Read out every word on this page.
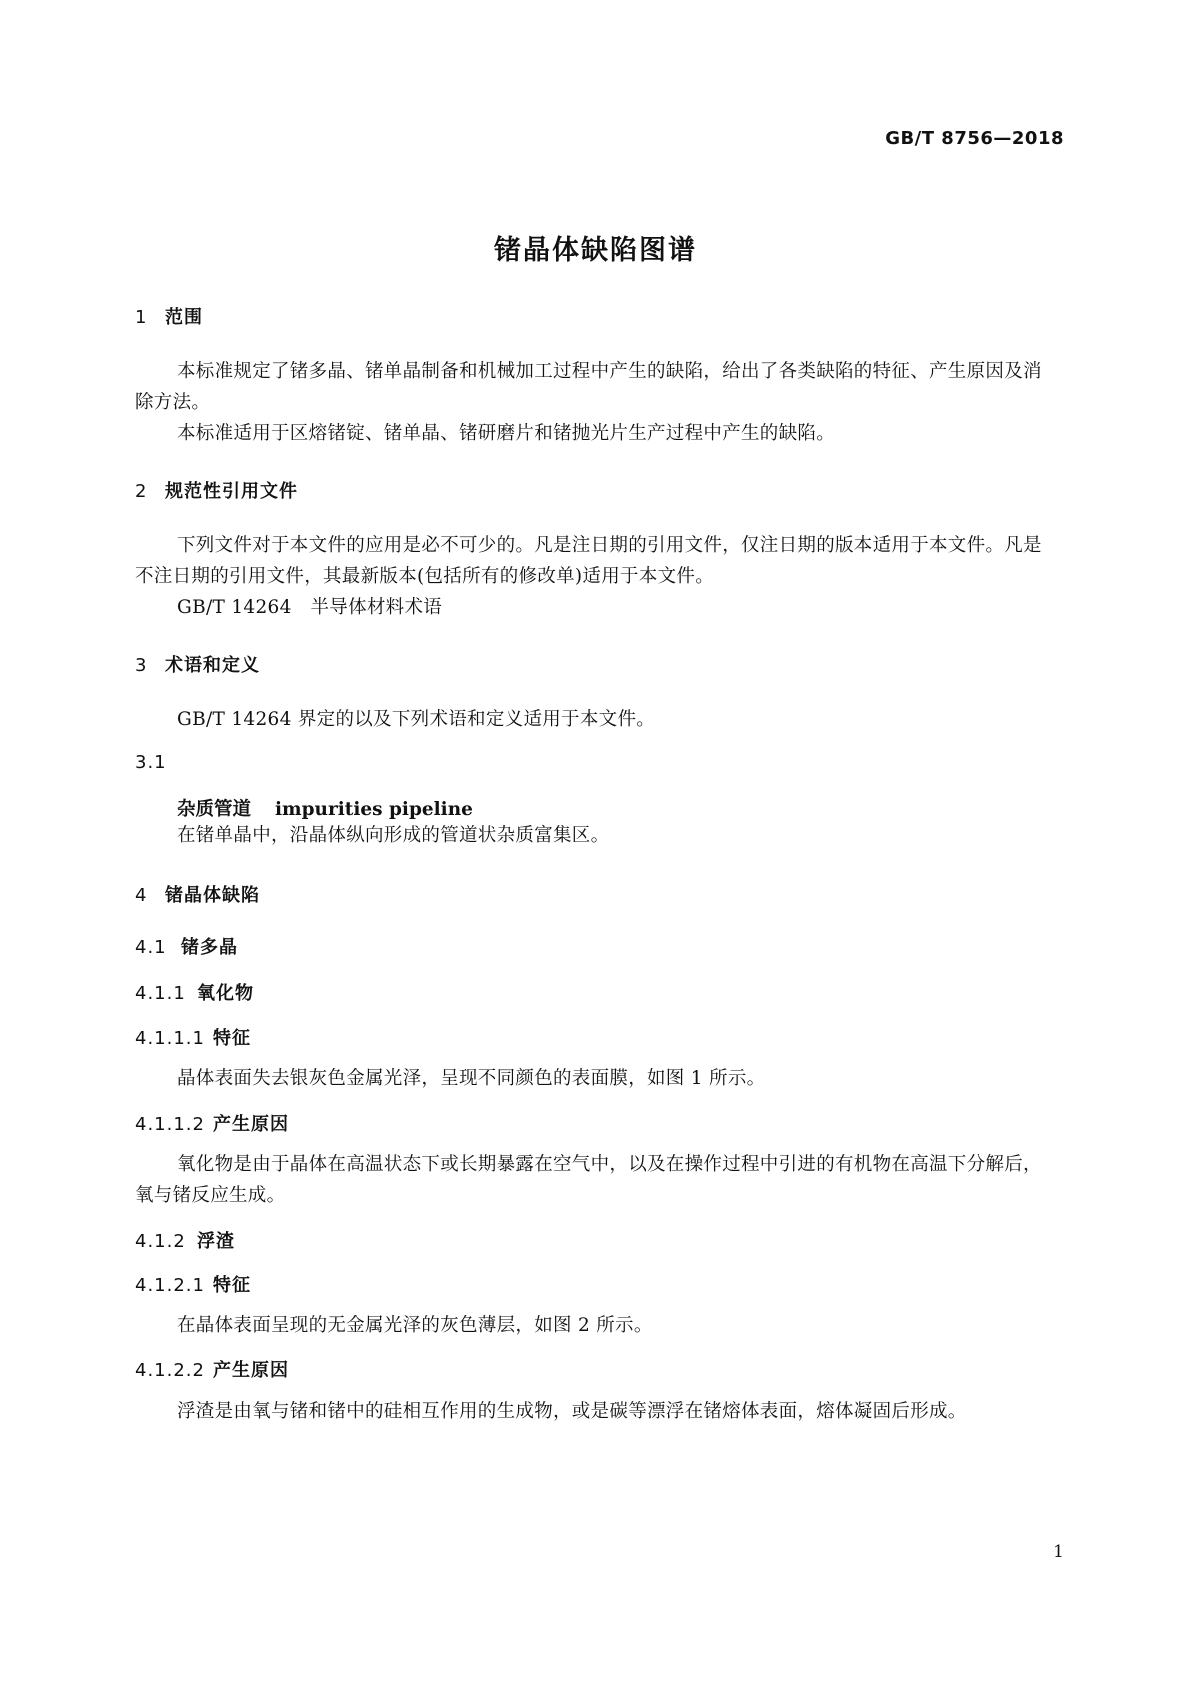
GB/T 8756—2018
锗晶体缺陷图谱
1 范围
本标准规定了锗多晶、锗单晶制备和机械加工过程中产生的缺陷，给出了各类缺陷的特征、产生原因及消除方法。
本标准适用于区熔锗锭、锗单晶、锗研磨片和锗抛光片生产过程中产生的缺陷。
2 规范性引用文件
下列文件对于本文件的应用是必不可少的。凡是注日期的引用文件，仅注日期的版本适用于本文件。凡是不注日期的引用文件，其最新版本(包括所有的修改单)适用于本文件。
GB/T 14264　半导体材料术语
3 术语和定义
GB/T 14264 界定的以及下列术语和定义适用于本文件。
3.1
杂质管道 impurities pipeline
在锗单晶中，沿晶体纵向形成的管道状杂质富集区。
4 锗晶体缺陷
4.1 锗多晶
4.1.1 氧化物
4.1.1.1 特征
晶体表面失去银灰色金属光泽，呈现不同颜色的表面膜，如图 1 所示。
4.1.1.2 产生原因
氧化物是由于晶体在高温状态下或长期暴露在空气中，以及在操作过程中引进的有机物在高温下分解后，氧与锗反应生成。
4.1.2 浮渣
4.1.2.1 特征
在晶体表面呈现的无金属光泽的灰色薄层，如图 2 所示。
4.1.2.2 产生原因
浮渣是由氧与锗和锗中的硅相互作用的生成物，或是碳等漂浮在锗熔体表面，熔体凝固后形成。
1
